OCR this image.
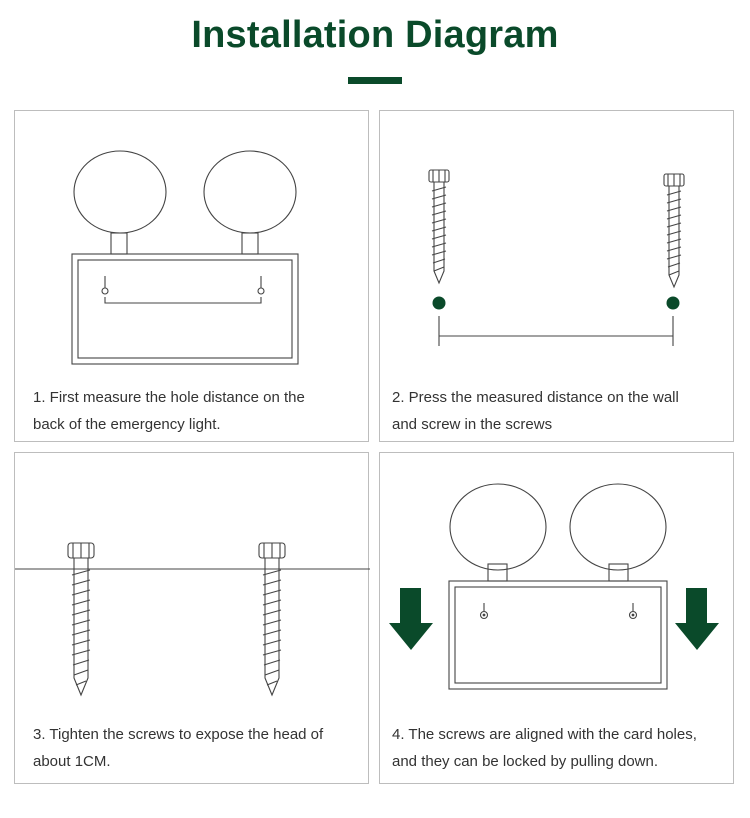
Installation Diagram
1. First measure the hole distance on the
back of the emergency light.
2. Press the measured distance on the wall
and screw in the screws
3. Tighten the screws to expose the head of
about 1CM.
4. The screws are aligned with the card holes,
and they can be locked by pulling down.
